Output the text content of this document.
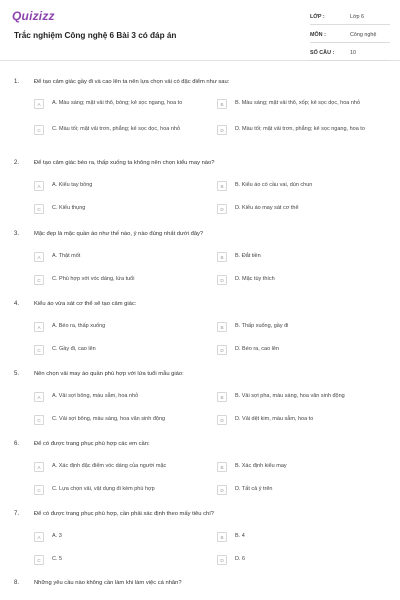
Quizizz
Trắc nghiệm Công nghệ 6 Bài 3 có đáp án
LỚP :	Lớp 6
MÔN :	Công nghệ
SỐ CÂU :	10
1.	Để tạo cảm giác gầy đi và cao lên ta nên lựa chọn vải có đặc điểm như sau:
A	A. Màu sáng; mặt vải thô, bóng; kẻ sọc ngang, hoa to	B	B. Màu sáng; mặt vải thô, xốp; kẻ sọc dọc, hoa nhỏ
C	C. Màu tối; mặt vải trơn, phẳng; kẻ sọc dọc, hoa nhỏ	D	D. Màu tối; mặt vải trơn, phẳng; kẻ sọc ngang, hoa to
2.	Để tạo cảm giác béo ra, thấp xuống ta không nên chọn kiểu may nào?
A	A. Kiểu tay bồng	B	B. Kiểu áo có cầu vai, dún chun
C	C. Kiểu thụng	D	D. Kiểu áo may sát cơ thể
3.	Mặc đẹp là mặc quần áo như thế nào, ý nào đúng nhất dưới đây?
A	A. Thật mốt	B	B. Đắt tiền
C	C. Phù hợp với vóc dáng, lứa tuổi	D	D. Mặc tùy thích
4.	Kiểu áo vừa sát cơ thể sẽ tạo cảm giác:
A	A. Béo ra, thấp xuống	B	B. Thấp xuống, gầy đi
C	C. Gầy đi, cao lên	D	D. Béo ra, cao lên
5.	Nên chọn vải may áo quần phù hợp với lứa tuổi mẫu giáo:
A	A. Vải sợi bông, màu sẫm, hoa nhỏ	B	B. Vải sợi pha, màu sáng, hoa văn sinh động
C	C. Vải sợi bông, màu sáng, hoa văn sinh động	D	D. Vải dệt kim, màu sẫm, hoa to
6.	Để có được trang phục phù hợp các em cần:
A	A. Xác định đặc điểm vóc dáng của người mặc	B	B. Xác định kiểu may
C	C. Lựa chọn vải, vật dụng đi kèm phù hợp	D	D. Tất cả ý trên
7.	Để có được trang phục phù hợp, cần phải xác định theo mấy tiêu chí?
A	A. 3	B	B. 4
C	C. 5	D	D. 6
8.	Những yêu cầu nào không cần làm khi làm việc cá nhân?
